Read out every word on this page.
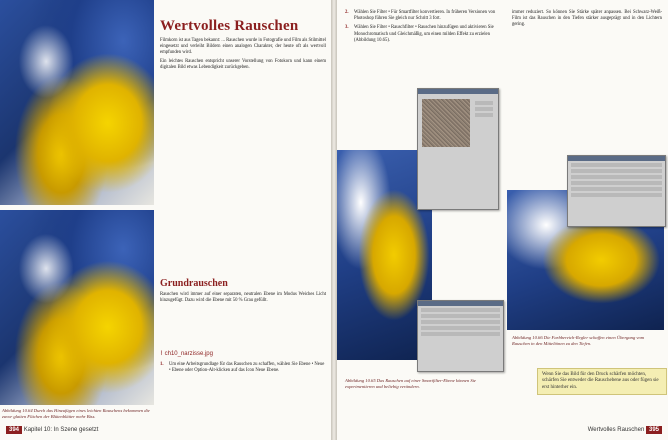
Abbildung 10.64 Durch das Hinzufügen eines leichten Rauschens bekommen die zuvor glatten Flächen der Blütenblätter mehr Biss.
Wertvolles Rauschen

Filmkorn ist aus Tagen bekannt: ... Rauschen wurde in Fotografie und Film als Stilmittel eingesetzt und verleiht Bildern einen analogen Charakter, der heute oft als wertvoll empfunden wird.

Ein leichtes Rauschen entspricht unserer Vorstellung von Fotokorn und kann einem digitalen Bild etwas Lebendigkeit zurückgeben.

Grundrauschen
Rauschen wird immer auf einer separaten, neutralen Ebene im Modus Weiches Licht hinzugefügt. Dazu wird die Ebene mit 50 % Grau gefüllt.
⌇ ch10_narzisse.jpg
1. Um eine Arbeitsgrundlage für das Rauschen zu schaffen, wählen Sie Ebene • Neue • Ebene oder Option-Alt-klicken auf das Icon Neue Ebene.
394 Kapitel 10: In Szene gesetzt
2. Wählen Sie Filter • Für Smartfilter konvertieren. In früheren Versionen von Photoshop führen Sie gleich nur Schritt 3 fort.
3. Wählen Sie Filter • Rauschfilter • Rauschen hinzufügen und aktivieren Sie Monochromatisch und Gleichmäßig, um einen milden Effekt zu erzielen (Abbildung 10.65).
immer reduziert. So können Sie Stärke später anpassen. Bei Schwarz-Weiß-Film ist das Rauschen in den Tiefen stärker ausgeprägt und in den Lichtern gering.
Abbildung 10.66 Die Farbbereich-Regler schaffen einen Übergang vom Rauschen in den Mitteltönen zu den Tiefen.
Abbildung 10.65 Das Rauschen auf einer Smartfilter-Ebene können Sie experimentieren und beliebig verändern.
Wenn Sie das Bild für den Druck schärfen möchten, schärfen Sie entweder die Rauschebene aus oder fügen sie erst hinterher ein.
Wertvolles Rauschen 395
